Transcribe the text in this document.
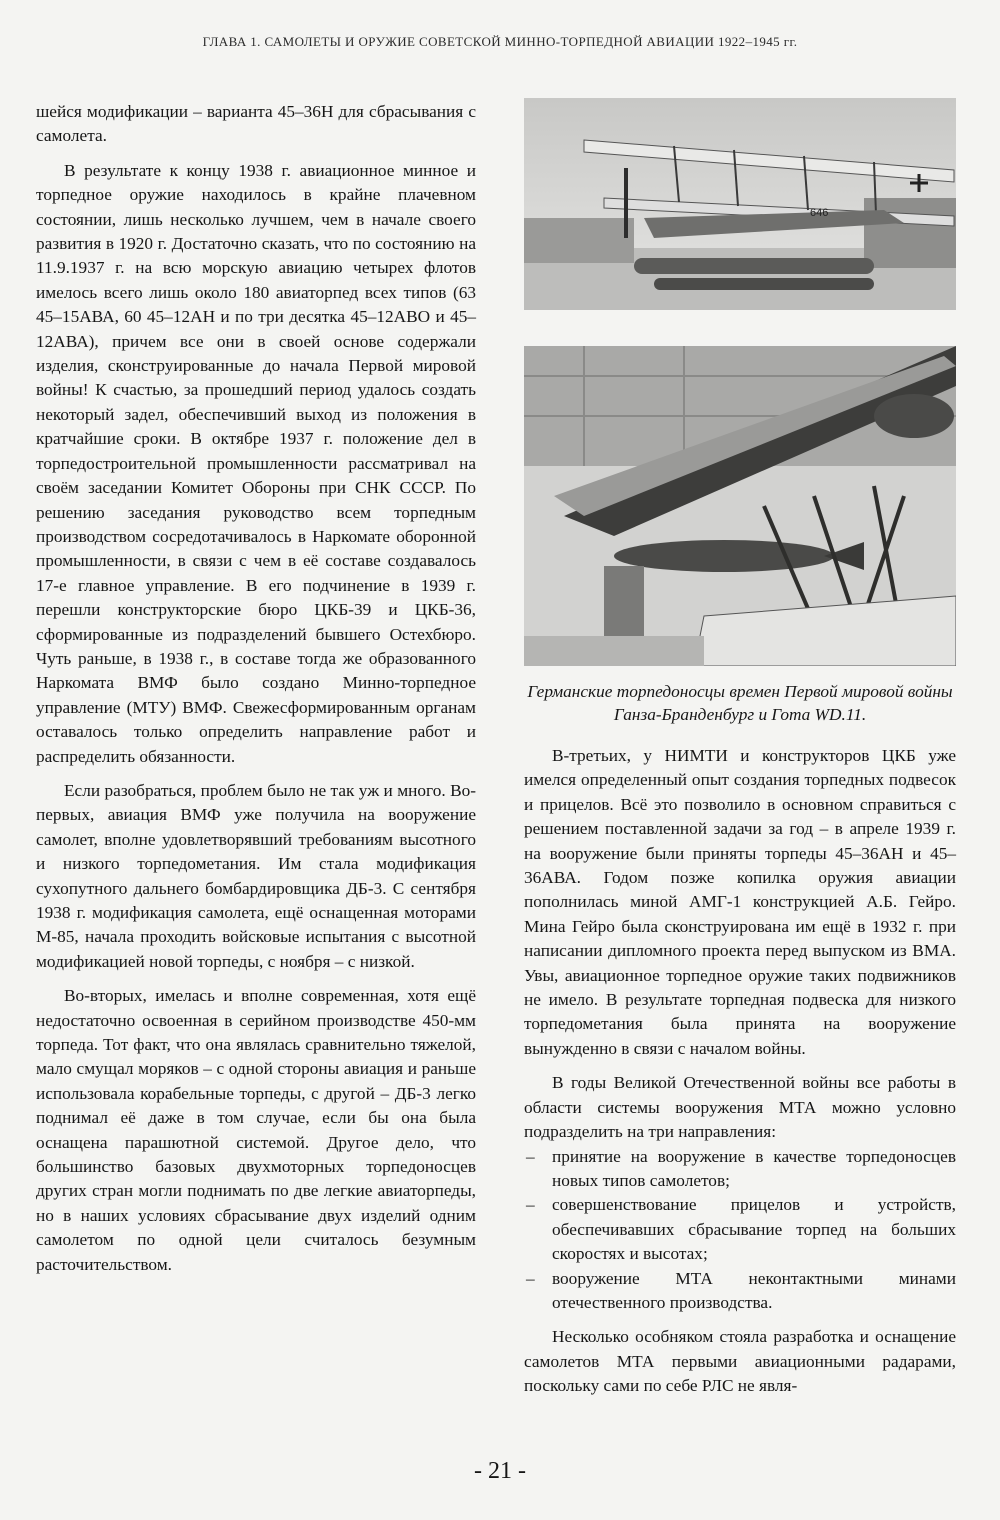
ГЛАВА 1. САМОЛЕТЫ И ОРУЖИЕ СОВЕТСКОЙ МИННО-ТОРПЕДНОЙ АВИАЦИИ 1922–1945 гг.

шейся модификации – варианта 45–36Н для сбрасывания с самолета.

В результате к концу 1938 г. авиационное минное и торпедное оружие находилось в крайне плачевном состоянии, лишь несколько лучшем, чем в начале своего развития в 1920 г. Достаточно сказать, что по состоянию на 11.9.1937 г. на всю морскую авиацию четырех флотов имелось всего лишь около 180 авиаторпед всех типов (63 45–15АВА, 60 45–12АН и по три десятка 45–12АВО и 45–12АВА), причем все они в своей основе содержали изделия, сконструированные до начала Первой мировой войны! К счастью, за прошедший период удалось создать некоторый задел, обеспечивший выход из положения в кратчайшие сроки. В октябре 1937 г. положение дел в торпедостроительной промышленности рассматривал на своём заседании Комитет Обороны при СНК СССР. По решению заседания руководство всем торпедным производством сосредотачивалось в Наркомате оборонной промышленности, в связи с чем в её составе создавалось 17-е главное управление. В его подчинение в 1939 г. перешли конструкторские бюро ЦКБ-39 и ЦКБ-36, сформированные из подразделений бывшего Остехбюро. Чуть раньше, в 1938 г., в составе тогда же образованного Наркомата ВМФ было создано Минно-торпедное управление (МТУ) ВМФ. Свежесформированным органам оставалось только определить направление работ и распределить обязанности.

Если разобраться, проблем было не так уж и много. Во-первых, авиация ВМФ уже получила на вооружение самолет, вполне удовлетворявший требованиям высотного и низкого торпедометания. Им стала модификация сухопутного дальнего бомбардировщика ДБ-3. С сентября 1938 г. модификация самолета, ещё оснащенная моторами М-85, начала проходить войсковые испытания с высотной модификацией новой торпеды, с ноября – с низкой.

Во-вторых, имелась и вполне современная, хотя ещё недостаточно освоенная в серийном производстве 450-мм торпеда. Тот факт, что она являлась сравнительно тяжелой, мало смущал моряков – с одной стороны авиация и раньше использовала корабельные торпеды, с другой – ДБ-3 легко поднимал её даже в том случае, если бы она была оснащена парашютной системой. Другое дело, что большинство базовых двухмоторных торпедоносцев других стран могли поднимать по две легкие авиаторпеды, но в наших условиях сбрасывание двух изделий одним самолетом по одной цели считалось безумным расточительством.

646
Германские торпедоносцы времен Первой мировой войны Ганза-Бранденбург и Гота WD.11.

В-третьих, у НИМТИ и конструкторов ЦКБ уже имелся определенный опыт создания торпедных подвесок и прицелов. Всё это позволило в основном справиться с решением поставленной задачи за год – в апреле 1939 г. на вооружение были приняты торпеды 45–36АН и 45–36АВА. Годом позже копилка оружия авиации пополнилась миной АМГ-1 конструкцией А.Б. Гейро. Мина Гейро была сконструирована им ещё в 1932 г. при написании дипломного проекта перед выпуском из ВМА. Увы, авиационное торпедное оружие таких подвижников не имело. В результате торпедная подвеска для низкого торпедометания была принята на вооружение вынужденно в связи с началом войны.

В годы Великой Отечественной войны все работы в области системы вооружения МТА можно условно подразделить на три направления:

– принятие на вооружение в качестве торпедоносцев новых типов самолетов;
– совершенствование прицелов и устройств, обеспечивавших сбрасывание торпед на больших скоростях и высотах;
– вооружение МТА неконтактными минами отечественного производства.

Несколько особняком стояла разработка и оснащение самолетов МТА первыми авиационными радарами, поскольку сами по себе РЛС не явля-

- 21 -
